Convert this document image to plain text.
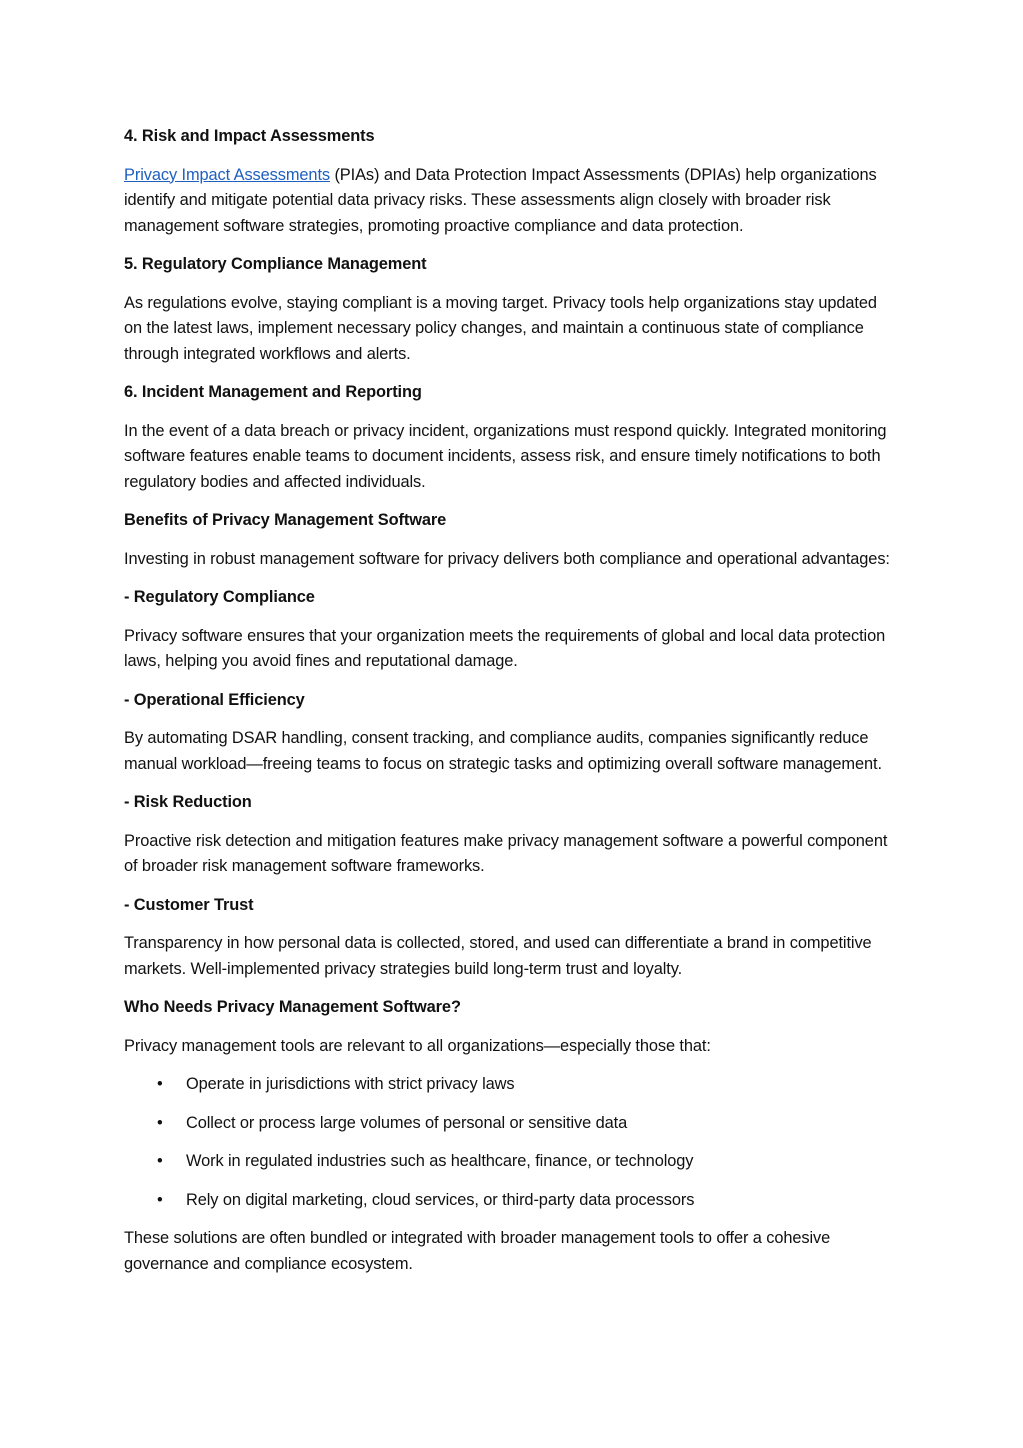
4. Risk and Impact Assessments

Privacy Impact Assessments (PIAs) and Data Protection Impact Assessments (DPIAs) help organizations identify and mitigate potential data privacy risks. These assessments align closely with broader risk management software strategies, promoting proactive compliance and data protection.

5. Regulatory Compliance Management

As regulations evolve, staying compliant is a moving target. Privacy tools help organizations stay updated on the latest laws, implement necessary policy changes, and maintain a continuous state of compliance through integrated workflows and alerts.

6. Incident Management and Reporting

In the event of a data breach or privacy incident, organizations must respond quickly. Integrated monitoring software features enable teams to document incidents, assess risk, and ensure timely notifications to both regulatory bodies and affected individuals.

Benefits of Privacy Management Software

Investing in robust management software for privacy delivers both compliance and operational advantages:

- Regulatory Compliance

Privacy software ensures that your organization meets the requirements of global and local data protection laws, helping you avoid fines and reputational damage.

- Operational Efficiency

By automating DSAR handling, consent tracking, and compliance audits, companies significantly reduce manual workload—freeing teams to focus on strategic tasks and optimizing overall software management.

- Risk Reduction

Proactive risk detection and mitigation features make privacy management software a powerful component of broader risk management software frameworks.

- Customer Trust

Transparency in how personal data is collected, stored, and used can differentiate a brand in competitive markets. Well-implemented privacy strategies build long-term trust and loyalty.

Who Needs Privacy Management Software?

Privacy management tools are relevant to all organizations—especially those that:

• Operate in jurisdictions with strict privacy laws
• Collect or process large volumes of personal or sensitive data
• Work in regulated industries such as healthcare, finance, or technology
• Rely on digital marketing, cloud services, or third-party data processors

These solutions are often bundled or integrated with broader management tools to offer a cohesive governance and compliance ecosystem.
